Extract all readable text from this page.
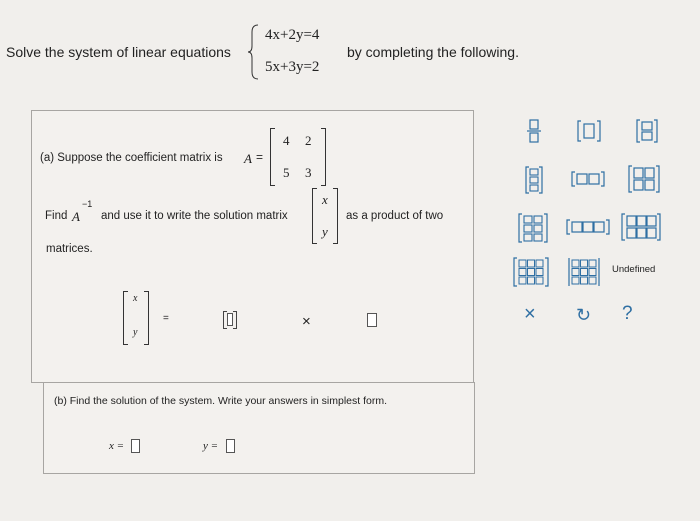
Solve the system of linear equations
4x+2y=4
5x+3y=2
by completing the following.
(a) Suppose the coefficient matrix is A =
4 2
5 3
Find A
−1
and use it to write the solution matrix
x
y
as a product of two
matrices.
x
y
=	×
(b) Find the solution of the system. Write your answers in simplest form.
x =	y =
Undefined
× ↻ ?
